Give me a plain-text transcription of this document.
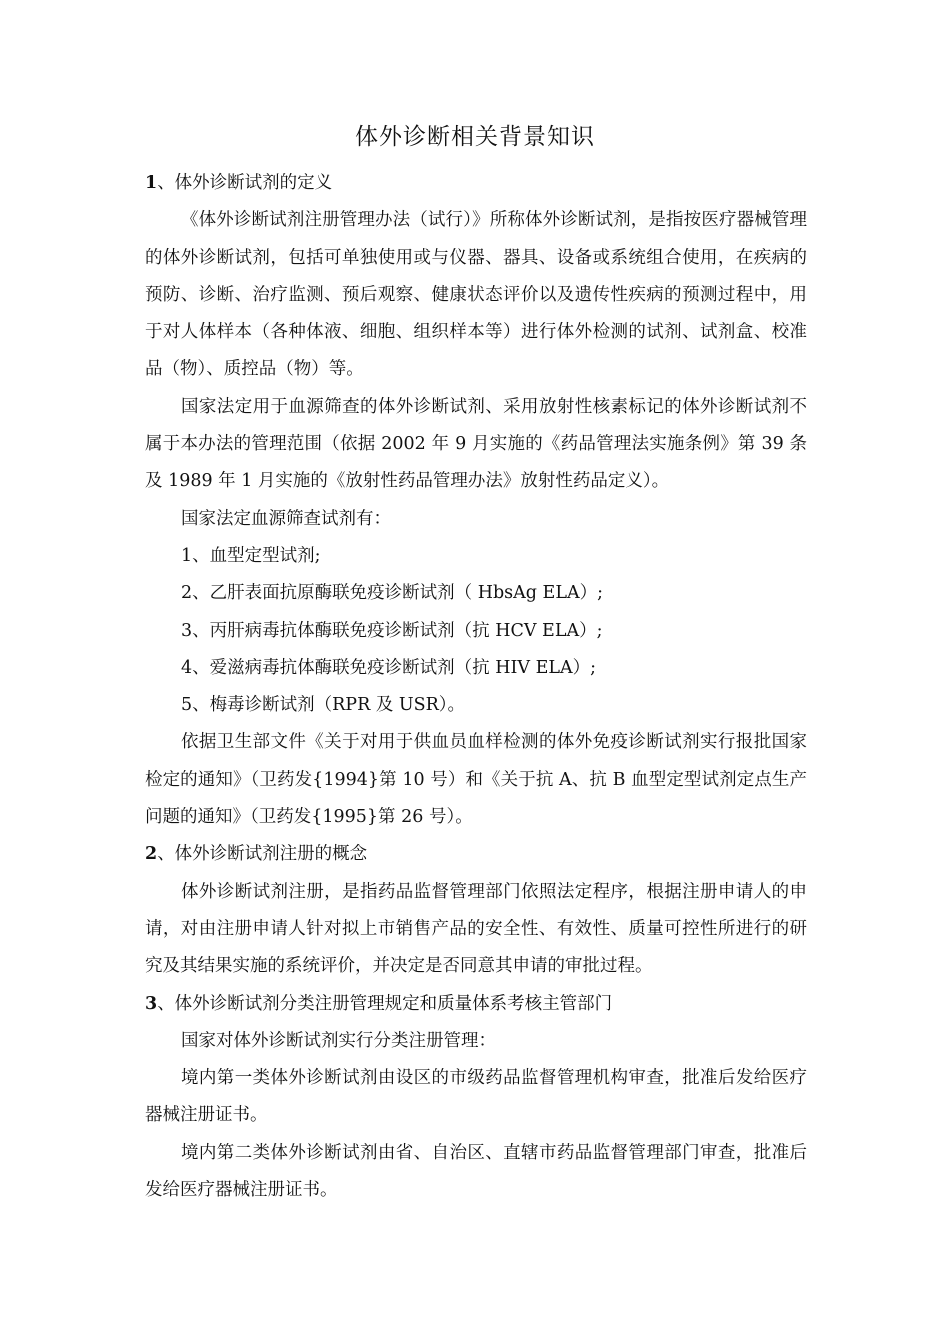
体外诊断相关背景知识

1、体外诊断试剂的定义

《体外诊断试剂注册管理办法（试行）》所称体外诊断试剂，是指按医疗器械管理的体外诊断试剂，包括可单独使用或与仪器、器具、设备或系统组合使用，在疾病的预防、诊断、治疗监测、预后观察、健康状态评价以及遗传性疾病的预测过程中，用于对人体样本（各种体液、细胞、组织样本等）进行体外检测的试剂、试剂盒、校准品（物）、质控品（物）等。

国家法定用于血源筛查的体外诊断试剂、采用放射性核素标记的体外诊断试剂不属于本办法的管理范围（依据 2002 年 9 月实施的《药品管理法实施条例》第 39 条及 1989 年 1 月实施的《放射性药品管理办法》放射性药品定义）。

国家法定血源筛查试剂有：

1、血型定型试剂;

2、乙肝表面抗原酶联免疫诊断试剂（ HbsAg ELA）;

3、丙肝病毒抗体酶联免疫诊断试剂（抗 HCV ELA）;

4、爱滋病毒抗体酶联免疫诊断试剂（抗 HIV ELA）;

5、梅毒诊断试剂（RPR 及 USR）。

依据卫生部文件《关于对用于供血员血样检测的体外免疫诊断试剂实行报批国家检定的通知》（卫药发{1994}第 10 号）和《关于抗 A、抗 B 血型定型试剂定点生产问题的通知》（卫药发{1995}第 26 号）。

2、体外诊断试剂注册的概念

体外诊断试剂注册，是指药品监督管理部门依照法定程序，根据注册申请人的申请，对由注册申请人针对拟上市销售产品的安全性、有效性、质量可控性所进行的研究及其结果实施的系统评价，并决定是否同意其申请的审批过程。

3、体外诊断试剂分类注册管理规定和质量体系考核主管部门

国家对体外诊断试剂实行分类注册管理：

境内第一类体外诊断试剂由设区的市级药品监督管理机构审查，批准后发给医疗器械注册证书。

境内第二类体外诊断试剂由省、自治区、直辖市药品监督管理部门审查，批准后发给医疗器械注册证书。
